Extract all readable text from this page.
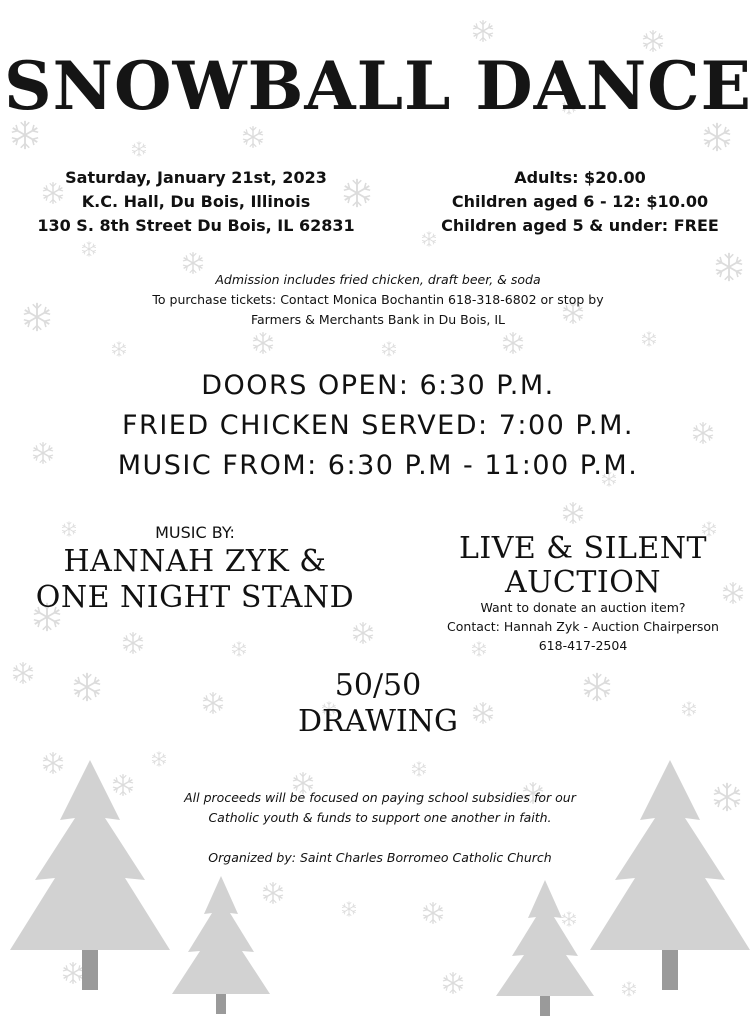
SNOWBALL DANCE
Saturday, January 21st, 2023
K.C. Hall, Du Bois, Illinois
130 S. 8th Street Du Bois, IL 62831
Adults: $20.00
Children aged 6 - 12: $10.00
Children aged 5 & under: FREE
Admission includes fried chicken, draft beer, & soda
To purchase tickets: Contact Monica Bochantin 618-318-6802 or stop by
Farmers & Merchants Bank in Du Bois, IL
DOORS OPEN: 6:30 P.M.
FRIED CHICKEN SERVED: 7:00 P.M.
MUSIC FROM: 6:30 P.M - 11:00 P.M.
MUSIC BY:
HANNAH ZYK &
ONE NIGHT STAND
LIVE & SILENT
AUCTION
Want to donate an auction item?
Contact: Hannah Zyk - Auction Chairperson
618-417-2504
50/50
DRAWING
All proceeds will be focused on paying school subsidies for our
Catholic youth & funds to support one another in faith.
Organized by: Saint Charles Borromeo Catholic Church
